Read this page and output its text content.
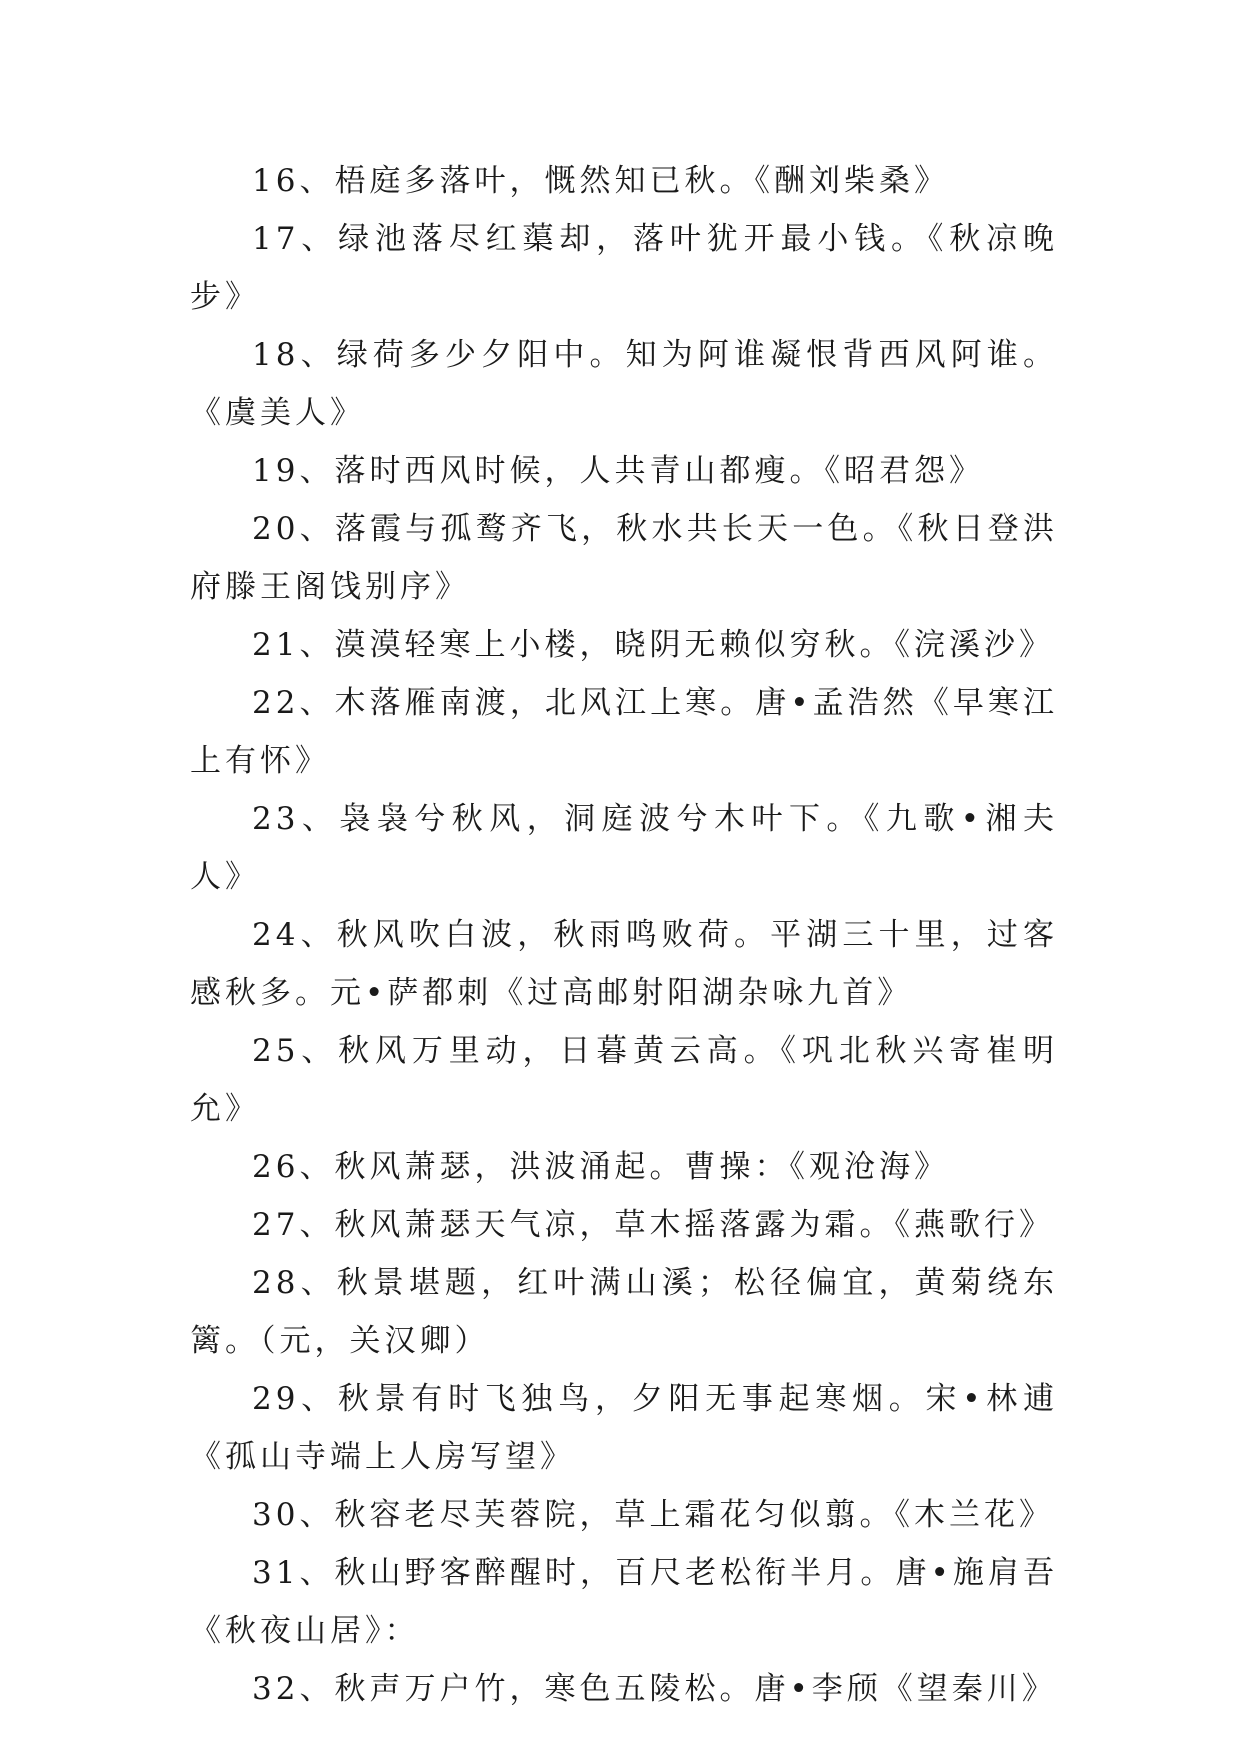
16、梧庭多落叶，慨然知已秋。《酬刘柴桑》

17、绿池落尽红蕖却，落叶犹开最小钱。《秋凉晚步》

18、绿荷多少夕阳中。知为阿谁凝恨背西风阿谁。《虞美人》

19、落时西风时候，人共青山都瘦。《昭君怨》

20、落霞与孤鹜齐飞，秋水共长天一色。《秋日登洪府滕王阁饯别序》

21、漠漠轻寒上小楼，晓阴无赖似穷秋。《浣溪沙》

22、木落雁南渡，北风江上寒。唐•孟浩然《早寒江上有怀》

23、袅袅兮秋风，洞庭波兮木叶下。《九歌•湘夫人》

24、秋风吹白波，秋雨鸣败荷。平湖三十里，过客感秋多。元•萨都刺《过高邮射阳湖杂咏九首》

25、秋风万里动，日暮黄云高。《巩北秋兴寄崔明允》

26、秋风萧瑟，洪波涌起。曹操：《观沧海》

27、秋风萧瑟天气凉，草木摇落露为霜。《燕歌行》

28、秋景堪题，红叶满山溪；松径偏宜，黄菊绕东篱。（元，关汉卿）

29、秋景有时飞独鸟，夕阳无事起寒烟。宋•林逋《孤山寺端上人房写望》

30、秋容老尽芙蓉院，草上霜花匀似翦。《木兰花》

31、秋山野客醉醒时，百尺老松衔半月。唐•施肩吾《秋夜山居》：

32、秋声万户竹，寒色五陵松。唐•李颀《望秦川》
